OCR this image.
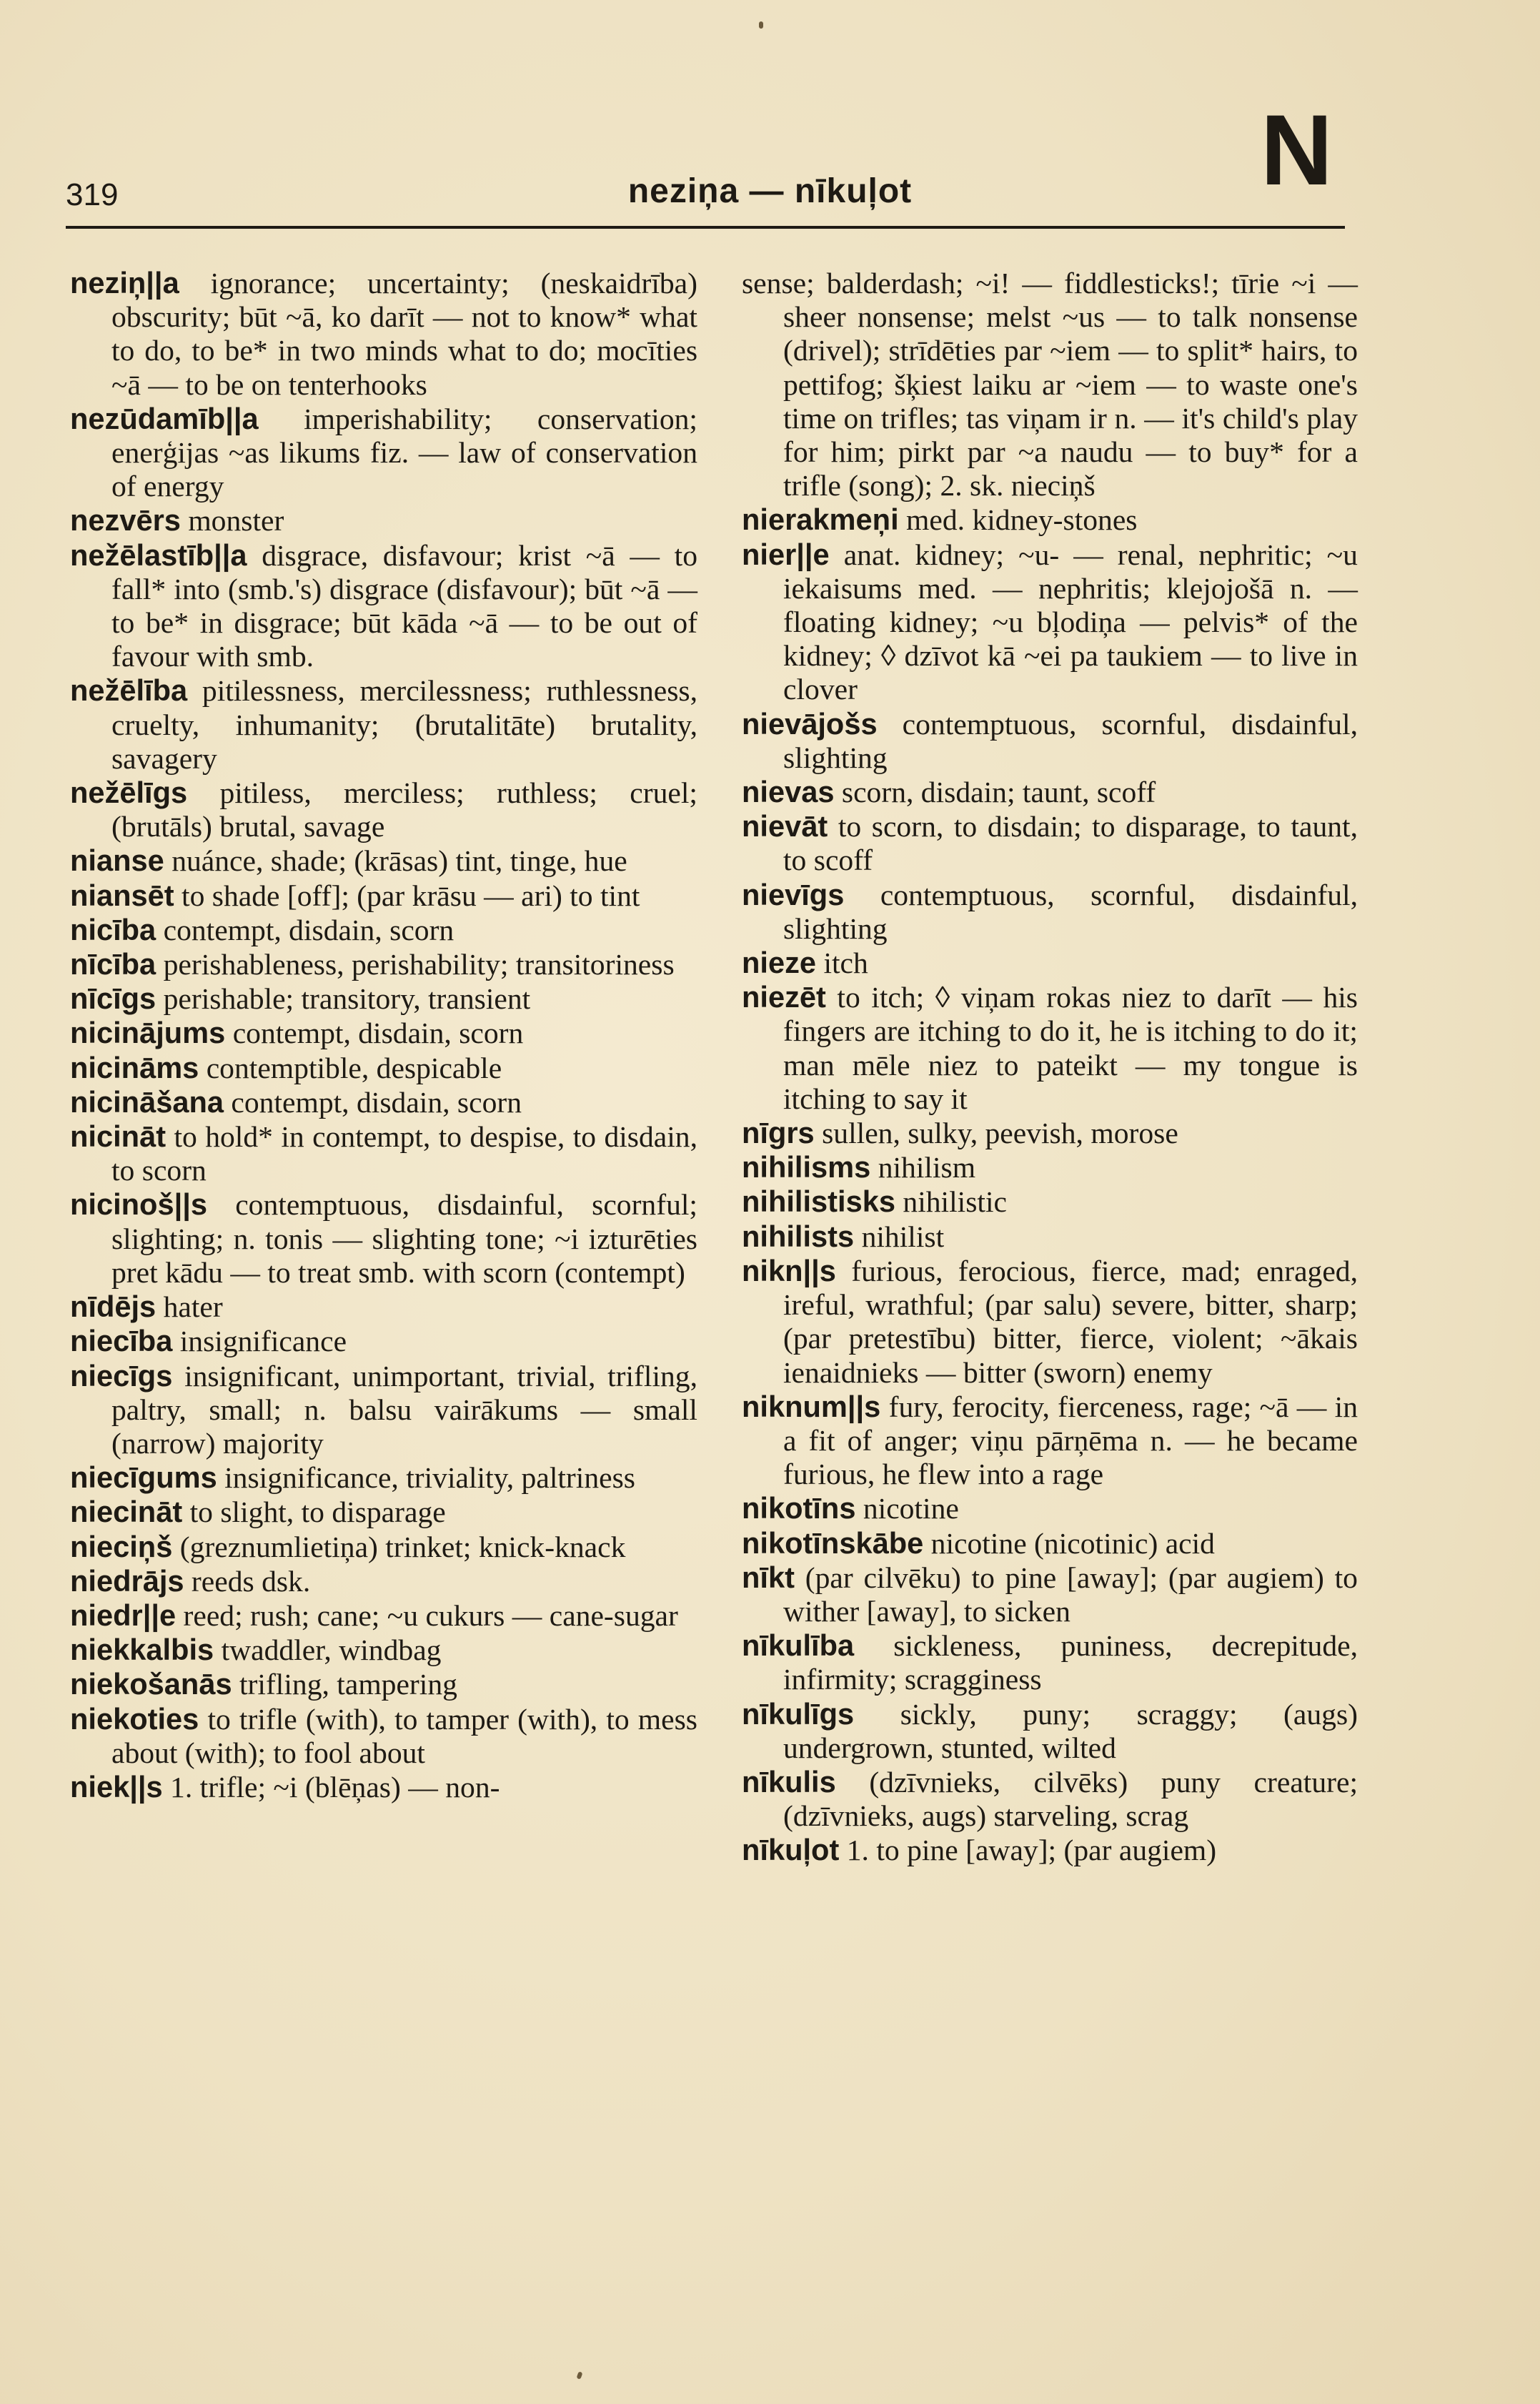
319	neziņa — nīkuļot	N

neziņ||a ignorance; uncertainty; (neskaidrība) obscurity; būt ~ā, ko darīt — not to know* what to do, to be* in two minds what to do; mocīties ~ā — to be on tenterhooks

nezūdamīb||a imperishability; conservation; enerģijas ~as likums fiz. — law of conservation of energy

nezvērs monster

nežēlastīb||a disgrace, disfavour; krist ~ā — to fall* into (smb.'s) disgrace (disfavour); būt ~ā — to be* in disgrace; būt kāda ~ā — to be out of favour with smb.

nežēlība pitilessness, mercilessness; ruthlessness, cruelty, inhumanity; (brutalitāte) brutality, savagery

nežēlīgs pitiless, merciless; ruthless; cruel; (brutāls) brutal, savage

nianse nuánce, shade; (krāsas) tint, tinge, hue

niansēt to shade [off]; (par krāsu — ari) to tint

nicība contempt, disdain, scorn

nīcība perishableness, perishability; transitoriness

nīcīgs perishable; transitory, transient

nicinājums contempt, disdain, scorn

nicināms contemptible, despicable

nicināšana contempt, disdain, scorn

nicināt to hold* in contempt, to despise, to disdain, to scorn

nicinoš||s contemptuous, disdainful, scornful; slighting; n. tonis — slighting tone; ~i izturēties pret kādu — to treat smb. with scorn (contempt)

nīdējs hater

niecība insignificance

niecīgs insignificant, unimportant, trivial, trifling, paltry, small; n. balsu vairākums — small (narrow) majority

niecīgums insignificance, triviality, paltriness

niecināt to slight, to disparage

nieciņš (greznumlietiņa) trinket; knick-knack

niedrājs reeds dsk.

niedr||e reed; rush; cane; ~u cukurs — cane-sugar

niekkalbis twaddler, windbag

niekošanās trifling, tampering

niekoties to trifle (with), to tamper (with), to mess about (with); to fool about

niek||s 1. trifle; ~i (blēņas) — non-

sense; balderdash; ~i! — fiddlesticks!; tīrie ~i — sheer nonsense; melst ~us — to talk nonsense (drivel); strīdēties par ~iem — to split* hairs, to pettifog; šķiest laiku ar ~iem — to waste one's time on trifles; tas viņam ir n. — it's child's play for him; pirkt par ~a naudu — to buy* for a trifle (song); 2. sk. nieciņš

nierakmeņi med. kidney-stones

nier||e anat. kidney; ~u- — renal, nephritic; ~u iekaisums med. — nephritis; klejojošā n. — floating kidney; ~u bļodiņa — pelvis* of the kidney; ◊ dzīvot kā ~ei pa taukiem — to live in clover

nievājošs contemptuous, scornful, disdainful, slighting

nievas scorn, disdain; taunt, scoff

nievāt to scorn, to disdain; to disparage, to taunt, to scoff

nievīgs contemptuous, scornful, disdainful, slighting

nieze itch

niezēt to itch; ◊ viņam rokas niez to darīt — his fingers are itching to do it, he is itching to do it; man mēle niez to pateikt — my tongue is itching to say it

nīgrs sullen, sulky, peevish, morose

nihilisms nihilism

nihilistisks nihilistic

nihilists nihilist

nikn||s furious, ferocious, fierce, mad; enraged, ireful, wrathful; (par salu) severe, bitter, sharp; (par pretestību) bitter, fierce, violent; ~ākais ienaidnieks — bitter (sworn) enemy

niknum||s fury, ferocity, fierceness, rage; ~ā — in a fit of anger; viņu pārņēma n. — he became furious, he flew into a rage

nikotīns nicotine

nikotīnskābe nicotine (nicotinic) acid

nīkt (par cilvēku) to pine [away]; (par augiem) to wither [away], to sicken

nīkulība sickleness, puniness, decrepitude, infirmity; scragginess

nīkulīgs sickly, puny; scraggy; (augs) undergrown, stunted, wilted

nīkulis (dzīvnieks, cilvēks) puny creature; (dzīvnieks, augs) starveling, scrag

nīkuļot 1. to pine [away]; (par augiem)
